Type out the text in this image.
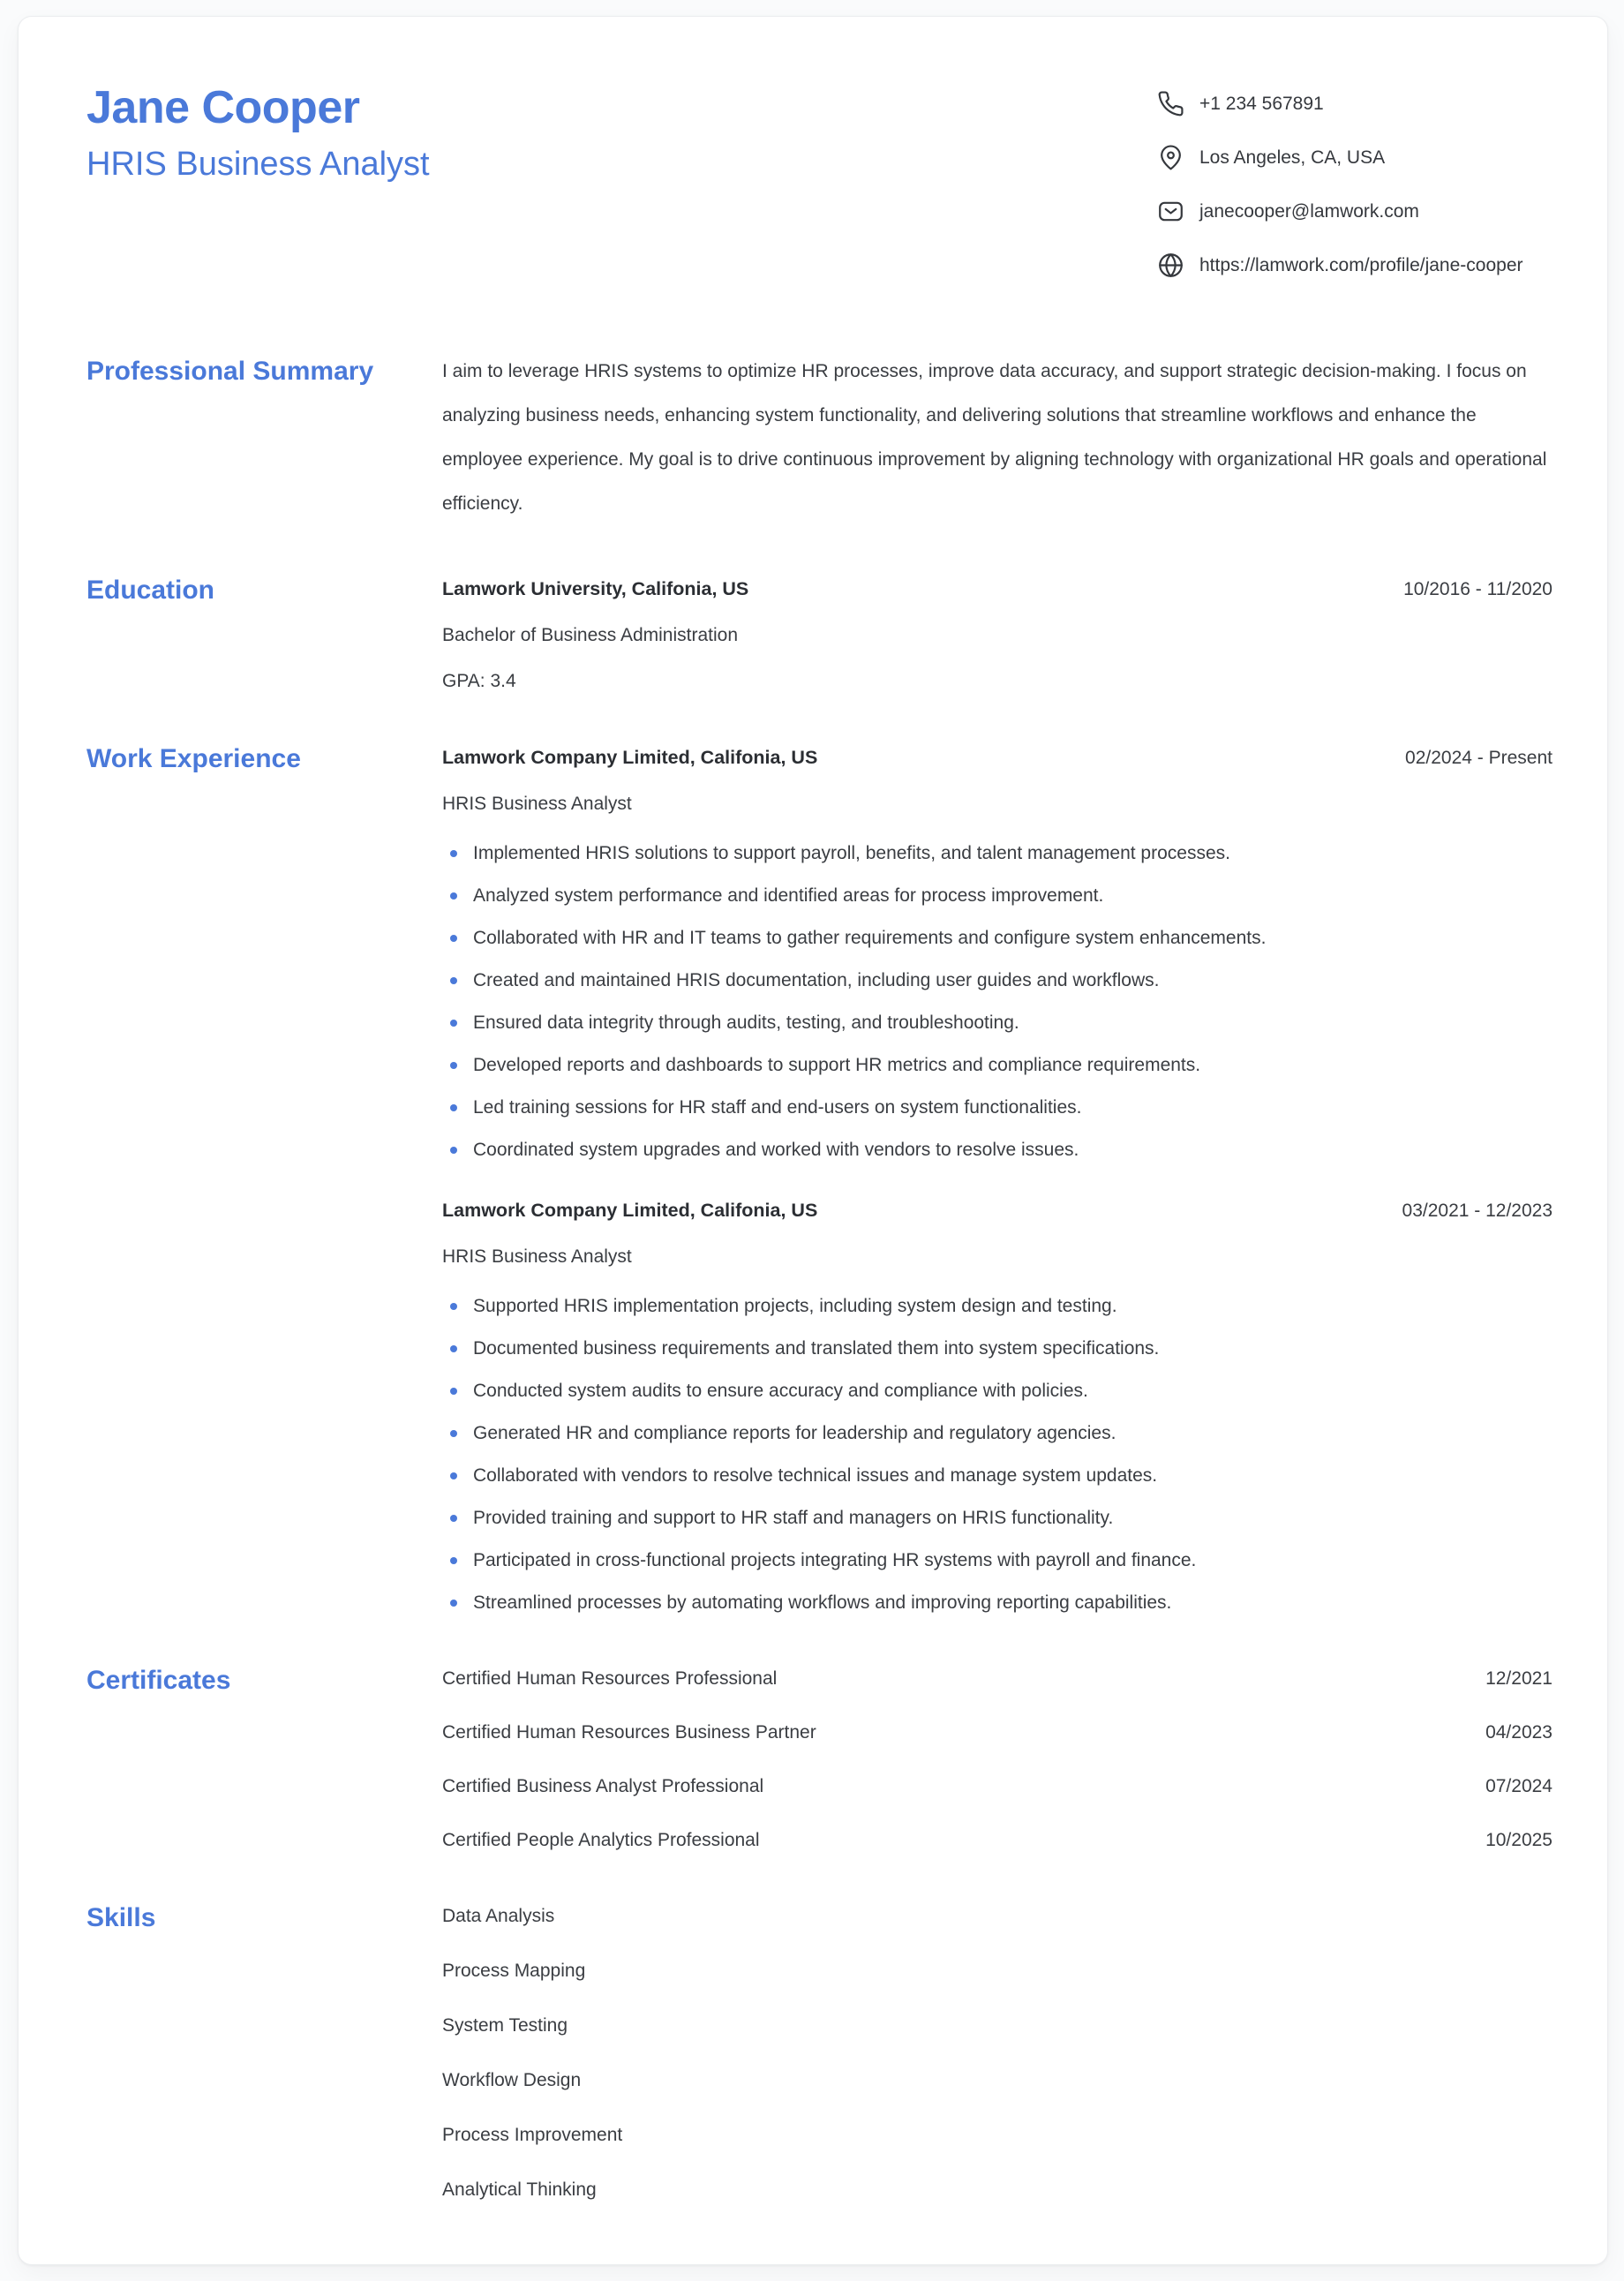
Jane Cooper
HRIS Business Analyst
+1 234 567891
Los Angeles, CA, USA
janecooper@lamwork.com
https://lamwork.com/profile/jane-cooper
Professional Summary	I aim to leverage HRIS systems to optimize HR processes, improve data accuracy, and support strategic decision-making. I focus on analyzing business needs, enhancing system functionality, and delivering solutions that streamline workflows and enhance the employee experience. My goal is to drive continuous improvement by aligning technology with organizational HR goals and operational efficiency.

Education	Lamwork University, Califonia, US	10/2016 - 11/2020

Bachelor of Business Administration

GPA: 3.4

Work Experience	Lamwork Company Limited, Califonia, US	02/2024 - Present

HRIS Business Analyst

Implemented HRIS solutions to support payroll, benefits, and talent management processes.
Analyzed system performance and identified areas for process improvement.
Collaborated with HR and IT teams to gather requirements and configure system enhancements.
Created and maintained HRIS documentation, including user guides and workflows.
Ensured data integrity through audits, testing, and troubleshooting.
Developed reports and dashboards to support HR metrics and compliance requirements.
Led training sessions for HR staff and end-users on system functionalities.
Coordinated system upgrades and worked with vendors to resolve issues.
Lamwork Company Limited, Califonia, US	03/2021 - 12/2023

HRIS Business Analyst

Supported HRIS implementation projects, including system design and testing.
Documented business requirements and translated them into system specifications.
Conducted system audits to ensure accuracy and compliance with policies.
Generated HR and compliance reports for leadership and regulatory agencies.
Collaborated with vendors to resolve technical issues and manage system updates.
Provided training and support to HR staff and managers on HRIS functionality.
Participated in cross-functional projects integrating HR systems with payroll and finance.
Streamlined processes by automating workflows and improving reporting capabilities.
Certificates	Certified Human Resources Professional	12/2021
Certified Human Resources Business Partner	04/2023
Certified Business Analyst Professional	07/2024
Certified People Analytics Professional	10/2025
Skills	Data Analysis
Process Mapping
System Testing
Workflow Design
Process Improvement
Analytical Thinking
